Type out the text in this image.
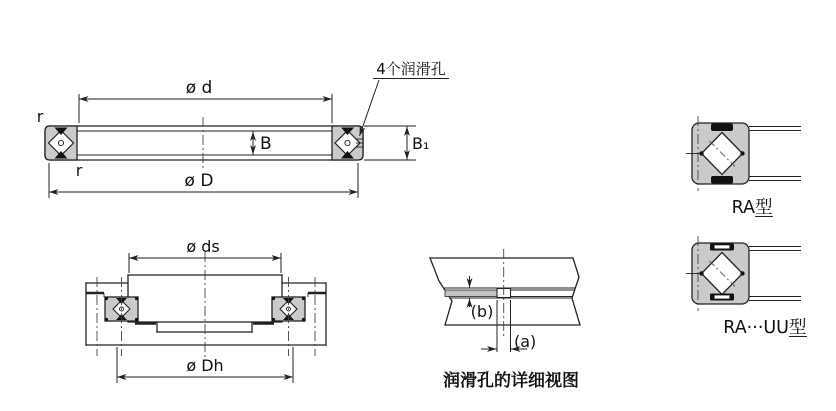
ø d
ø D
B	B₁
r
r
4个润滑孔
ø ds
ø Dh
(a)
(b)
润滑孔的详细视图
RA 型
RA···UU 型
